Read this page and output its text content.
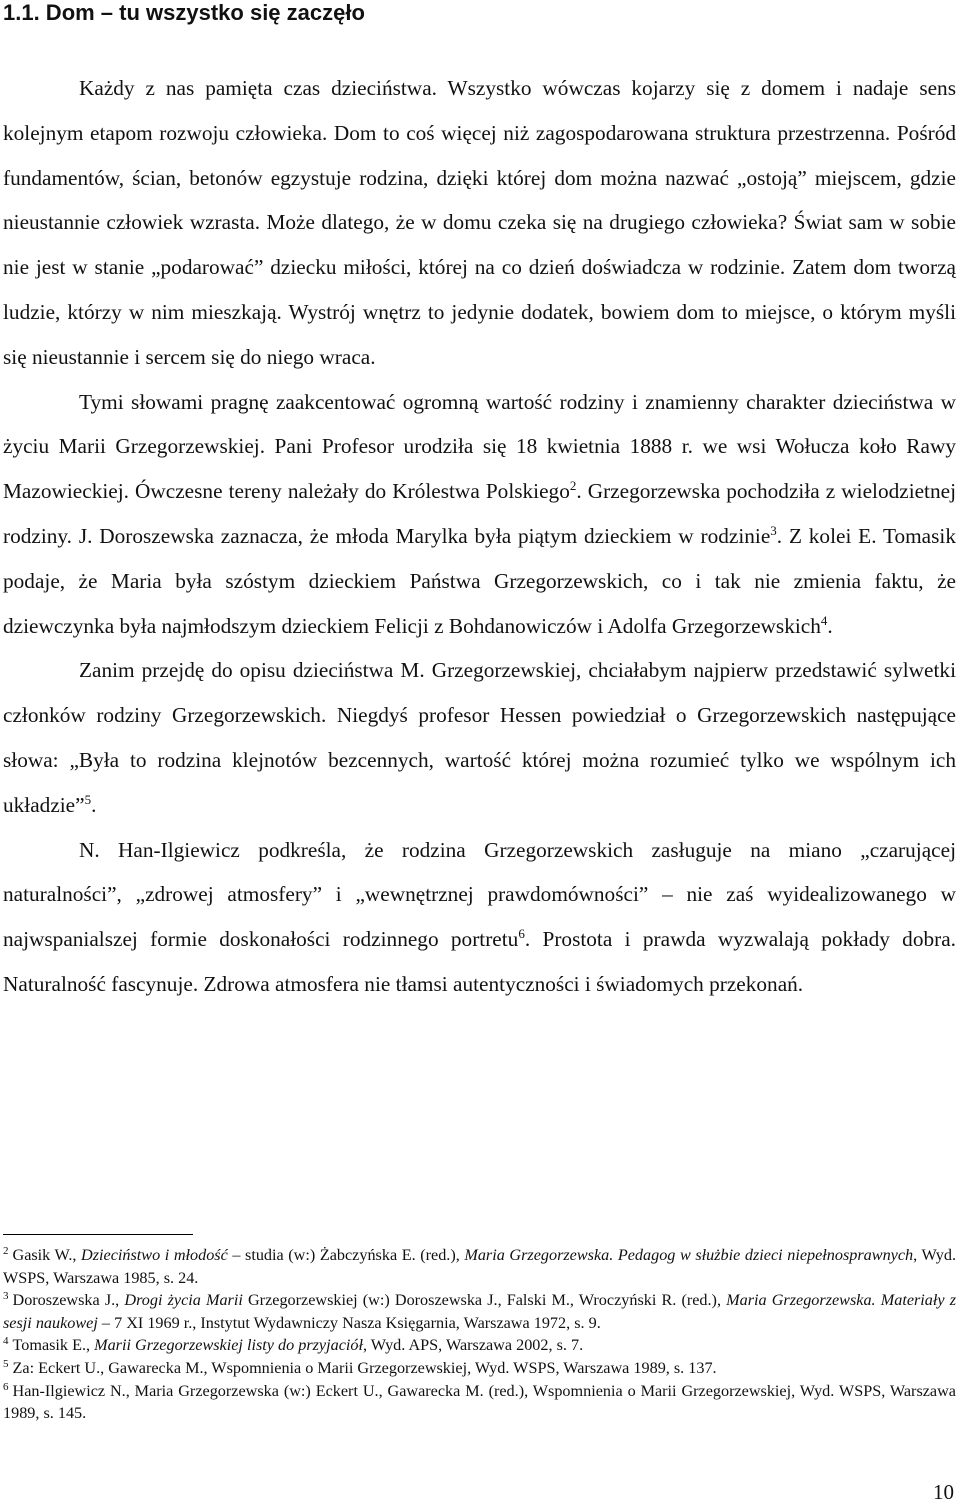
1.1. Dom – tu wszystko się zaczęło

Każdy z nas pamięta czas dzieciństwa. Wszystko wówczas kojarzy się z domem i nadaje sens kolejnym etapom rozwoju człowieka. Dom to coś więcej niż zagospodarowana struktura przestrzenna. Pośród fundamentów, ścian, betonów egzystuje rodzina, dzięki której dom można nazwać „ostoją” miejscem, gdzie nieustannie człowiek wzrasta. Może dlatego, że w domu czeka się na drugiego człowieka? Świat sam w sobie nie jest w stanie „podarować” dziecku miłości, której na co dzień doświadcza w rodzinie. Zatem dom tworzą ludzie, którzy w nim mieszkają. Wystrój wnętrz to jedynie dodatek, bowiem dom to miejsce, o którym myśli się nieustannie i sercem się do niego wraca.

Tymi słowami pragnę zaakcentować ogromną wartość rodziny i znamienny charakter dzieciństwa w życiu Marii Grzegorzewskiej. Pani Profesor urodziła się 18 kwietnia 1888 r. we wsi Wołucza koło Rawy Mazowieckiej. Ówczesne tereny należały do Królestwa Polskiego$^2$. Grzegorzewska pochodziła z wielodzietnej rodziny. J. Doroszewska zaznacza, że młoda Marylka była piątym dzieckiem w rodzinie$^3$. Z kolei E. Tomasik podaje, że Maria była szóstym dzieckiem Państwa Grzegorzewskich, co i tak nie zmienia faktu, że dziewczynka była najmłodszym dzieckiem Felicji z Bohdanowiczów i Adolfa Grzegorzewskich$^4$.

Zanim przejdę do opisu dzieciństwa M. Grzegorzewskiej, chciałabym najpierw przedstawić sylwetki członków rodziny Grzegorzewskich. Niegdyś profesor Hessen powiedział o Grzegorzewskich następujące słowa: „Była to rodzina klejnotów bezcennych, wartość której można rozumieć tylko we wspólnym ich układzie”$^5$.

N. Han-Ilgiewicz podkreśla, że rodzina Grzegorzewskich zasługuje na miano „czarującej naturalności”, „zdrowej atmosfery” i „wewnętrznej prawdomówności” – nie zaś wyidealizowanego w najwspanialszej formie doskonałości rodzinnego portretu$^6$. Prostota i prawda wyzwalają pokłady dobra. Naturalność fascynuje. Zdrowa atmosfera nie tłamsi autentyczności i świadomych przekonań.

$^2$ Gasik W., Dzieciństwo i młodość – studia (w:) Żabczyńska E. (red.), Maria Grzegorzewska. Pedagog w służbie dzieci niepełnosprawnych, Wyd. WSPS, Warszawa 1985, s. 24.

$^3$ Doroszewska J., Drogi życia Marii Grzegorzewskiej (w:) Doroszewska J., Falski M., Wroczyński R. (red.), Maria Grzegorzewska. Materiały z sesji naukowej – 7 XI 1969 r., Instytut Wydawniczy Nasza Księgarnia, Warszawa 1972, s. 9.

$^4$ Tomasik E., Marii Grzegorzewskiej listy do przyjaciół, Wyd. APS, Warszawa 2002, s. 7.

$^5$ Za: Eckert U., Gawarecka M., Wspomnienia o Marii Grzegorzewskiej, Wyd. WSPS, Warszawa 1989, s. 137.

$^6$ Han-Ilgiewicz N., Maria Grzegorzewska (w:) Eckert U., Gawarecka M. (red.), Wspomnienia o Marii Grzegorzewskiej, Wyd. WSPS, Warszawa 1989, s. 145.

10
